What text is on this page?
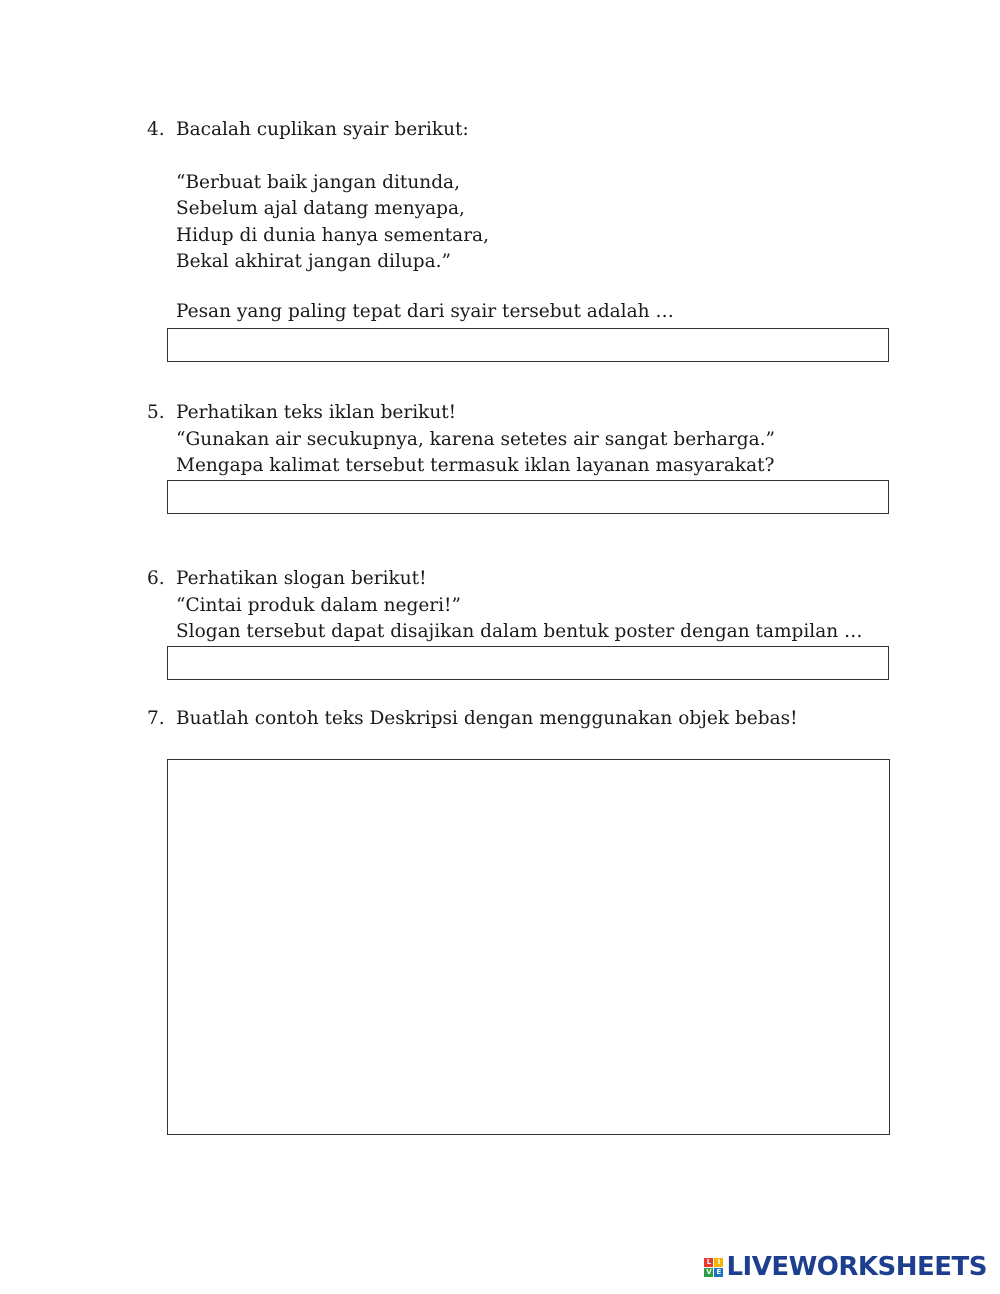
4. Bacalah cuplikan syair berikut:
“Berbuat baik jangan ditunda,
Sebelum ajal datang menyapa,
Hidup di dunia hanya sementara,
Bekal akhirat jangan dilupa.”
Pesan yang paling tepat dari syair tersebut adalah …
5. Perhatikan teks iklan berikut!
“Gunakan air secukupnya, karena setetes air sangat berharga.”
Mengapa kalimat tersebut termasuk iklan layanan masyarakat?
6. Perhatikan slogan berikut!
“Cintai produk dalam negeri!”
Slogan tersebut dapat disajikan dalam bentuk poster dengan tampilan …
7. Buatlah contoh teks Deskripsi dengan menggunakan objek bebas!
L I
V E LIVEWORKSHEETS
